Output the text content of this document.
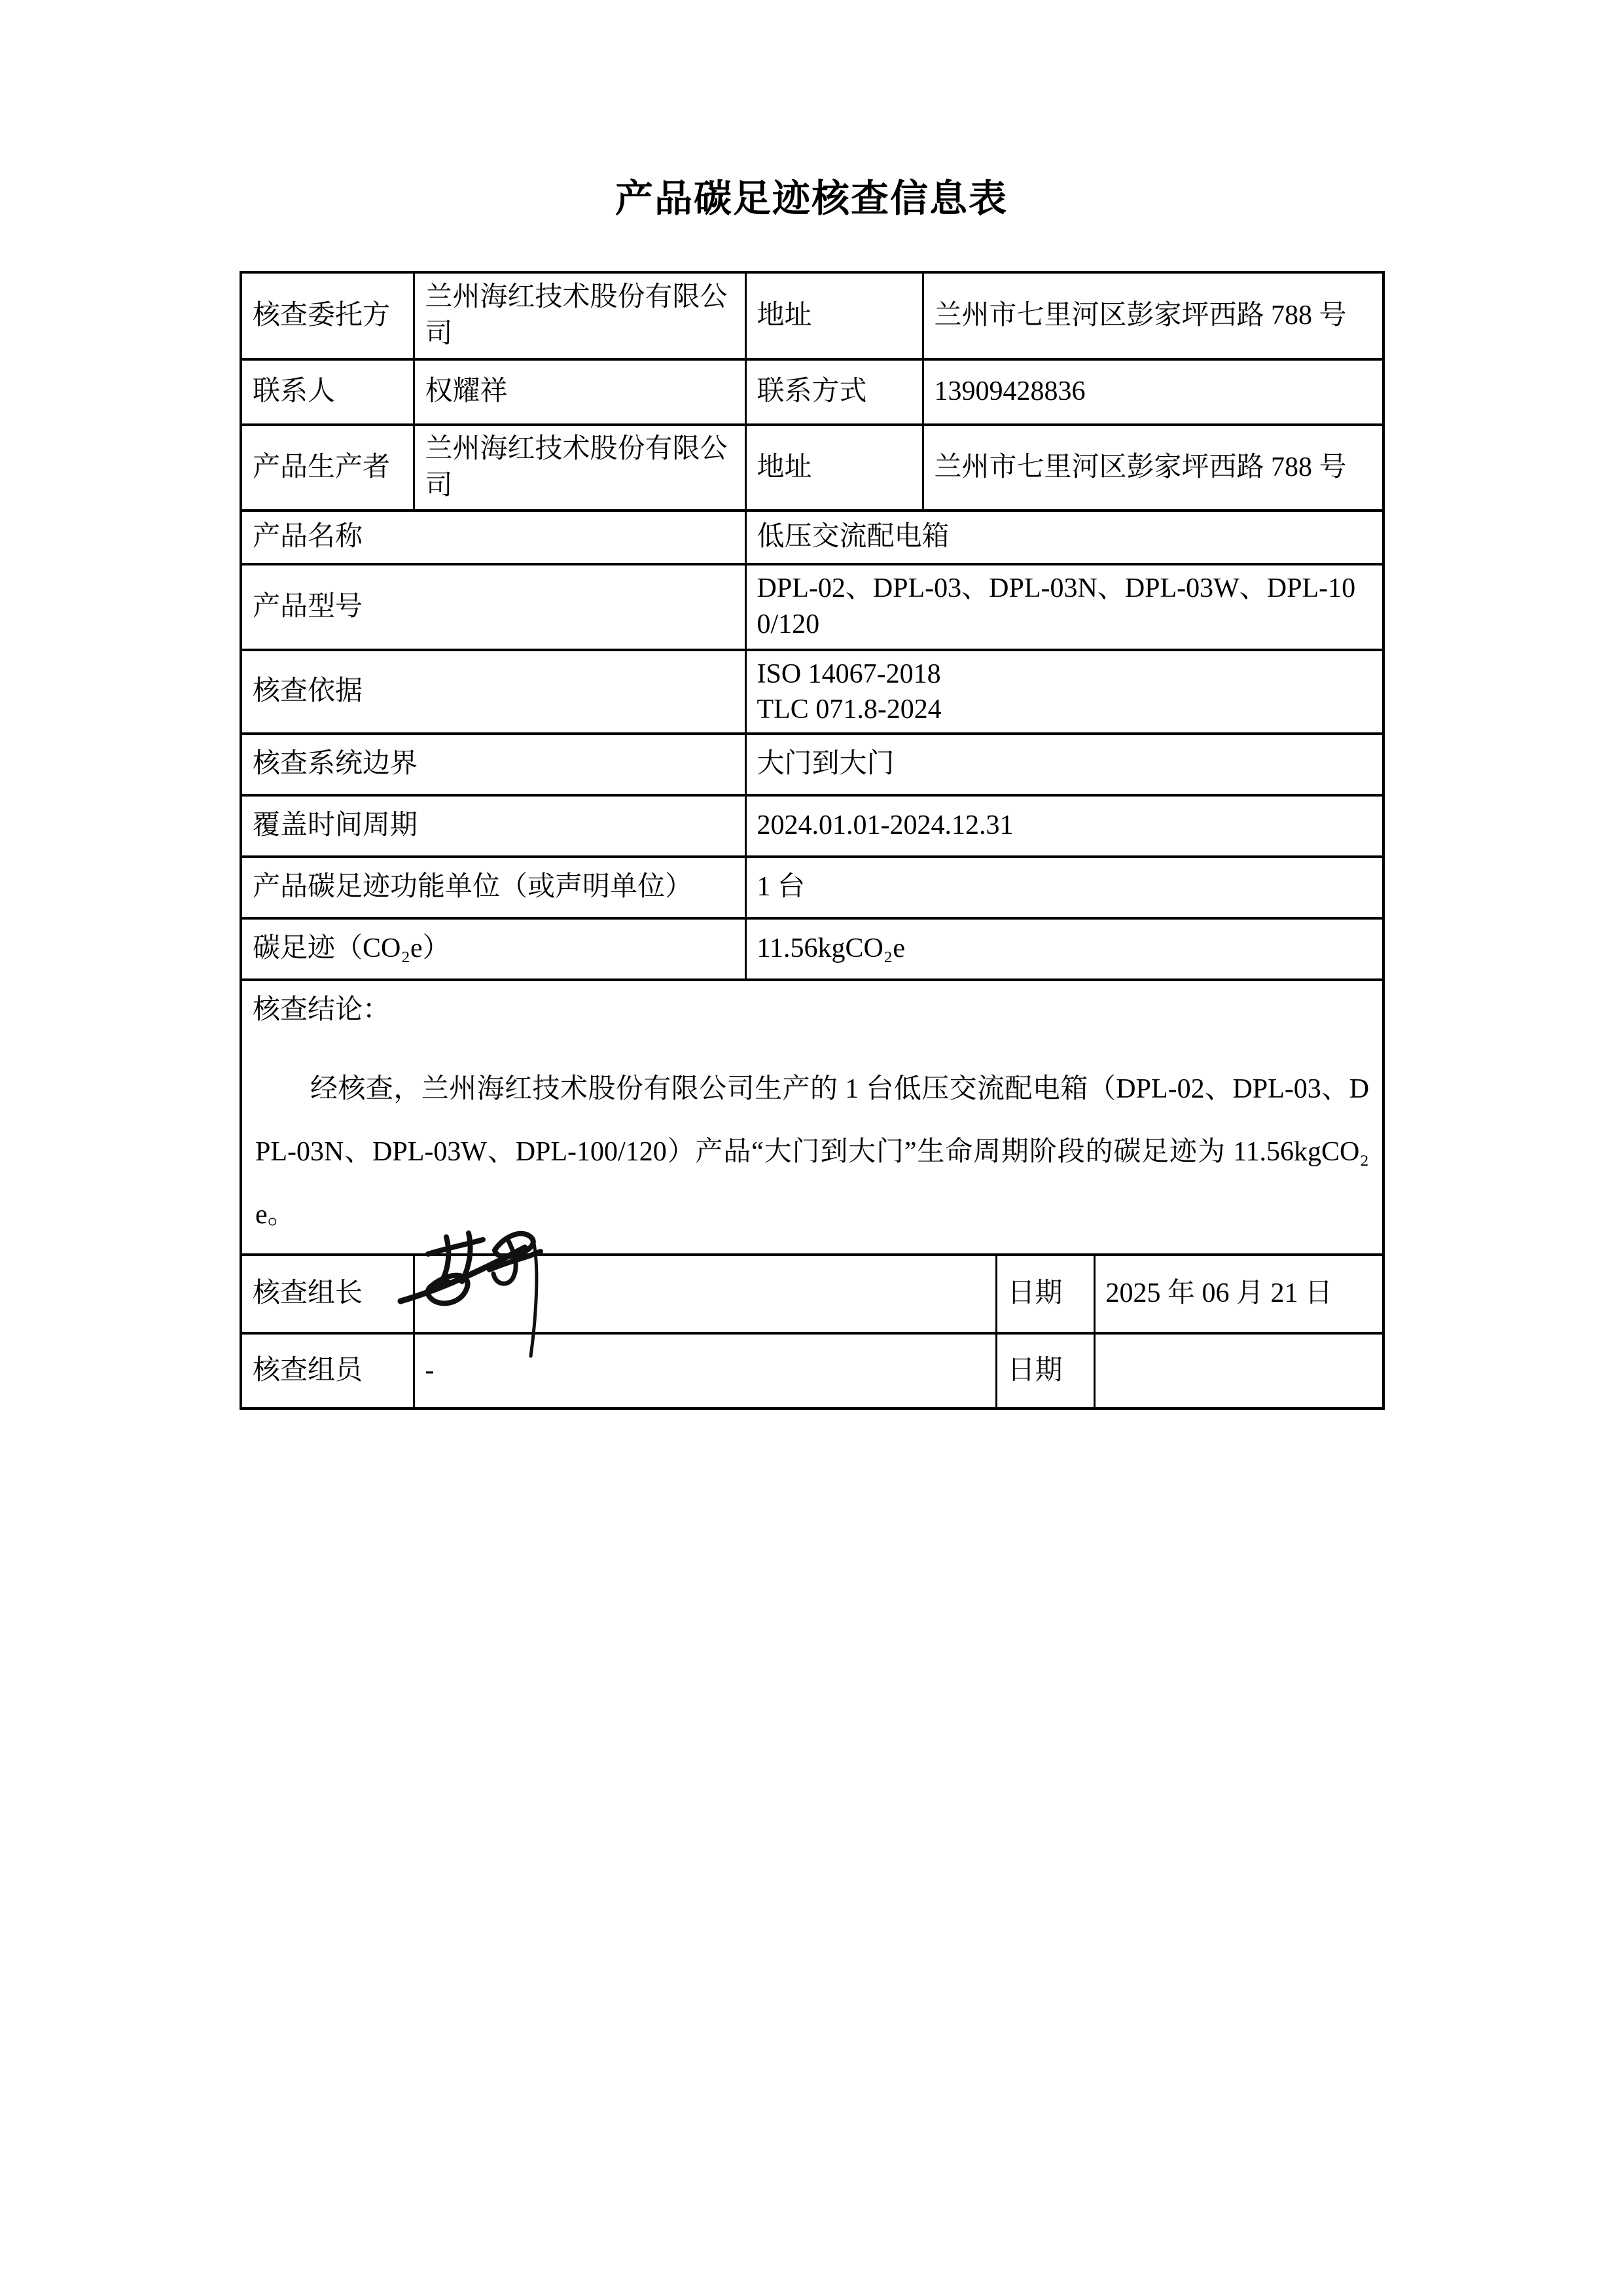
产品碳足迹核查信息表
核查委托方	兰州海红技术股份有限公司	地址	兰州市七里河区彭家坪西路 788 号		
联系人	权耀祥	联系方式	13909428836		
产品生产者	兰州海红技术股份有限公司	地址	兰州市七里河区彭家坪西路 788 号		
产品名称		低压交流配电箱			
产品型号		DPL-02、DPL-03、DPL-03N、DPL-03W、DPL-100/120			
核查依据		ISO 14067-2018
TLC 071.8-2024			

核查系统边界		大门到大门			
覆盖时间周期		2024.01.01-2024.12.31			
产品碳足迹功能单位（或声明单位）		1 台			
碳足迹（CO₂e）		11.56kgCO₂e			

核查结论：

经核查，兰州海红技术股份有限公司生产的 1 台低压交流配电箱（DPL-02、DPL-03、DPL-03N、DPL-03W、DPL-100/120）产品“大门到大门”生命周期阶段的碳足迹为 11.56kgCO₂e。					

核查组长				日期	2025 年 06 月 21 日
核查组员	-			日期	
